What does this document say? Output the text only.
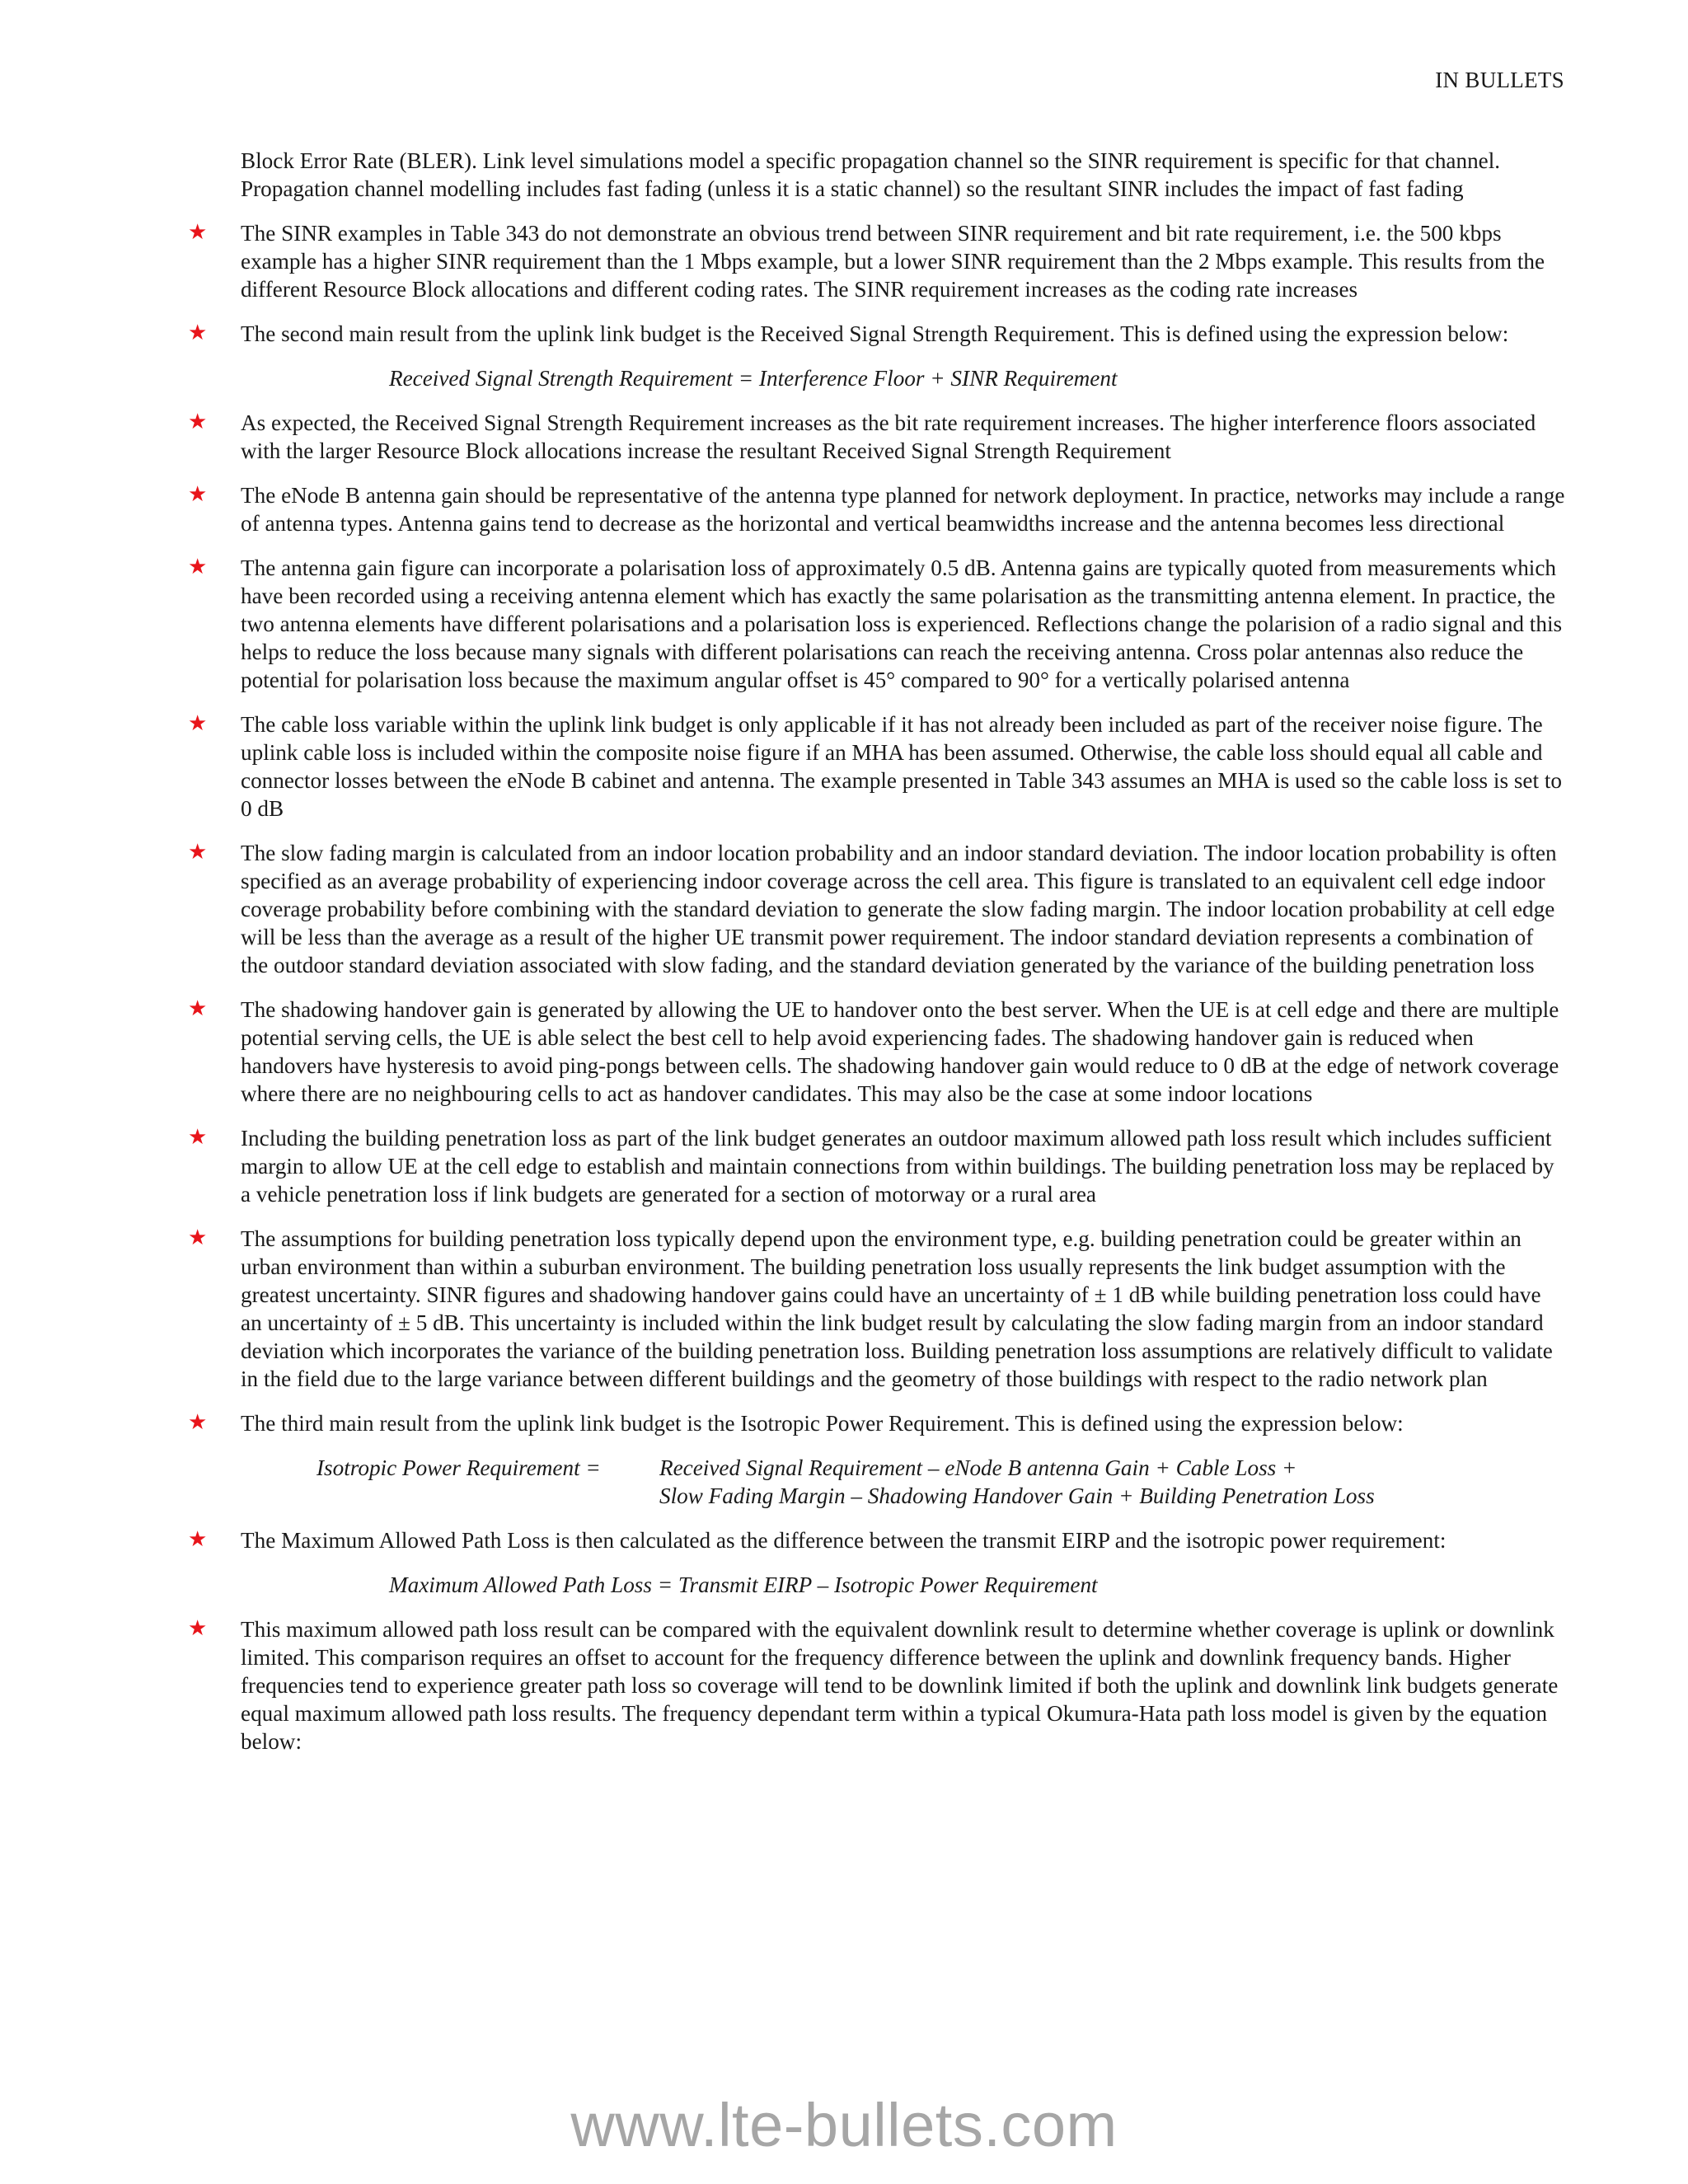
IN BULLETS

Block Error Rate (BLER). Link level simulations model a specific propagation channel so the SINR requirement is specific for that channel. Propagation channel modelling includes fast fading (unless it is a static channel) so the resultant SINR includes the impact of fast fading

★ The SINR examples in Table 343 do not demonstrate an obvious trend between SINR requirement and bit rate requirement, i.e. the 500 kbps example has a higher SINR requirement than the 1 Mbps example, but a lower SINR requirement than the 2 Mbps example. This results from the different Resource Block allocations and different coding rates. The SINR requirement increases as the coding rate increases
★ The second main result from the uplink link budget is the Received Signal Strength Requirement. This is defined using the expression below:
Received Signal Strength Requirement = Interference Floor + SINR Requirement
★ As expected, the Received Signal Strength Requirement increases as the bit rate requirement increases. The higher interference floors associated with the larger Resource Block allocations increase the resultant Received Signal Strength Requirement
★ The eNode B antenna gain should be representative of the antenna type planned for network deployment. In practice, networks may include a range of antenna types. Antenna gains tend to decrease as the horizontal and vertical beamwidths increase and the antenna becomes less directional
★ The antenna gain figure can incorporate a polarisation loss of approximately 0.5 dB. Antenna gains are typically quoted from measurements which have been recorded using a receiving antenna element which has exactly the same polarisation as the transmitting antenna element. In practice, the two antenna elements have different polarisations and a polarisation loss is experienced. Reflections change the polarision of a radio signal and this helps to reduce the loss because many signals with different polarisations can reach the receiving antenna. Cross polar antennas also reduce the potential for polarisation loss because the maximum angular offset is 45° compared to 90° for a vertically polarised antenna
★ The cable loss variable within the uplink link budget is only applicable if it has not already been included as part of the receiver noise figure. The uplink cable loss is included within the composite noise figure if an MHA has been assumed. Otherwise, the cable loss should equal all cable and connector losses between the eNode B cabinet and antenna. The example presented in Table 343 assumes an MHA is used so the cable loss is set to 0 dB
★ The slow fading margin is calculated from an indoor location probability and an indoor standard deviation. The indoor location probability is often specified as an average probability of experiencing indoor coverage across the cell area. This figure is translated to an equivalent cell edge indoor coverage probability before combining with the standard deviation to generate the slow fading margin. The indoor location probability at cell edge will be less than the average as a result of the higher UE transmit power requirement. The indoor standard deviation represents a combination of the outdoor standard deviation associated with slow fading, and the standard deviation generated by the variance of the building penetration loss
★ The shadowing handover gain is generated by allowing the UE to handover onto the best server. When the UE is at cell edge and there are multiple potential serving cells, the UE is able select the best cell to help avoid experiencing fades. The shadowing handover gain is reduced when handovers have hysteresis to avoid ping-pongs between cells. The shadowing handover gain would reduce to 0 dB at the edge of network coverage where there are no neighbouring cells to act as handover candidates. This may also be the case at some indoor locations
★ Including the building penetration loss as part of the link budget generates an outdoor maximum allowed path loss result which includes sufficient margin to allow UE at the cell edge to establish and maintain connections from within buildings. The building penetration loss may be replaced by a vehicle penetration loss if link budgets are generated for a section of motorway or a rural area
★ The assumptions for building penetration loss typically depend upon the environment type, e.g. building penetration could be greater within an urban environment than within a suburban environment. The building penetration loss usually represents the link budget assumption with the greatest uncertainty. SINR figures and shadowing handover gains could have an uncertainty of ± 1 dB while building penetration loss could have an uncertainty of ± 5 dB. This uncertainty is included within the link budget result by calculating the slow fading margin from an indoor standard deviation which incorporates the variance of the building penetration loss. Building penetration loss assumptions are relatively difficult to validate in the field due to the large variance between different buildings and the geometry of those buildings with respect to the radio network plan
★ The third main result from the uplink link budget is the Isotropic Power Requirement. This is defined using the expression below:
Isotropic Power Requirement =	Received Signal Requirement – eNode B antenna Gain + Cable Loss +
Slow Fading Margin – Shadowing Handover Gain + Building Penetration Loss
★ The Maximum Allowed Path Loss is then calculated as the difference between the transmit EIRP and the isotropic power requirement:
Maximum Allowed Path Loss = Transmit EIRP – Isotropic Power Requirement
★ This maximum allowed path loss result can be compared with the equivalent downlink result to determine whether coverage is uplink or downlink limited. This comparison requires an offset to account for the frequency difference between the uplink and downlink frequency bands. Higher frequencies tend to experience greater path loss so coverage will tend to be downlink limited if both the uplink and downlink link budgets generate equal maximum allowed path loss results. The frequency dependant term within a typical Okumura-Hata path loss model is given by the equation below:
www.lte-bullets.com
